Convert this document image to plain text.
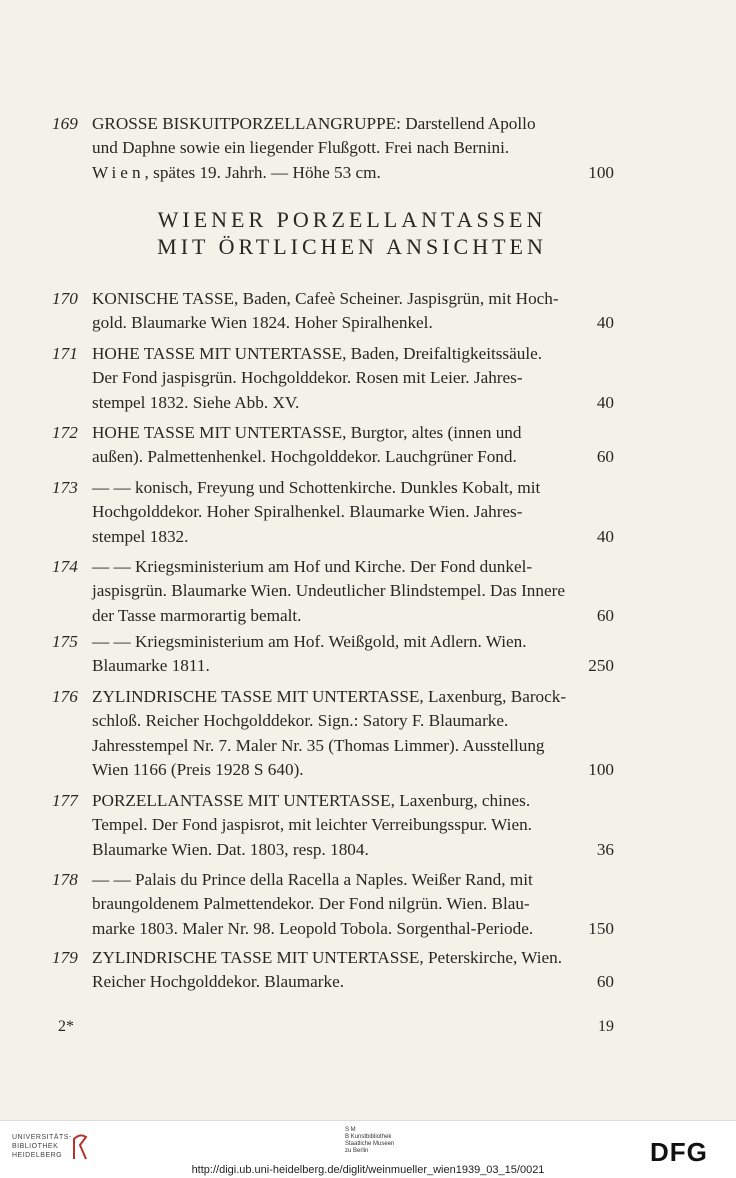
169 GROSSE BISKUITPORZELLANGRUPPE: Darstellend Apollo
und Daphne sowie ein liegender Flußgott. Frei nach Bernini.
Wien, spätes 19. Jahrh. — Höhe 53 cm.	100
WIENER PORZELLANTASSEN
MIT ÖRTLICHEN ANSICHTEN
170 KONISCHE TASSE, Baden, Cafeè Scheiner. Jaspisgrün, mit Hoch-
gold. Blaumarke Wien 1824. Hoher Spiralhenkel.	40
171 HOHE TASSE MIT UNTERTASSE, Baden, Dreifaltigkeitssäule.
Der Fond jaspisgrün. Hochgolddekor. Rosen mit Leier. Jahres-
stempel 1832. Siehe Abb. XV.	40
172 HOHE TASSE MIT UNTERTASSE, Burgtor, altes (innen und
außen). Palmettenhenkel. Hochgolddekor. Lauchgrüner Fond.	60
173 — — konisch, Freyung und Schottenkirche. Dunkles Kobalt, mit
Hochgolddekor. Hoher Spiralhenkel. Blaumarke Wien. Jahres-
stempel 1832.	40
174 — — Kriegsministerium am Hof und Kirche. Der Fond dunkel-
jaspisgrün. Blaumarke Wien. Undeutlicher Blindstempel. Das Innere
der Tasse marmorartig bemalt.	60
175 — — Kriegsministerium am Hof. Weißgold, mit Adlern. Wien.
Blaumarke 1811.	250
176 ZYLINDRISCHE TASSE MIT UNTERTASSE, Laxenburg, Barock-
schloß. Reicher Hochgolddekor. Sign.: Satory F. Blaumarke.
Jahresstempel Nr. 7. Maler Nr. 35 (Thomas Limmer). Ausstellung
Wien 1166 (Preis 1928 S 640).	100
177 PORZELLANTASSE MIT UNTERTASSE, Laxenburg, chines.
Tempel. Der Fond jaspisrot, mit leichter Verreibungsspur. Wien.
Blaumarke Wien. Dat. 1803, resp. 1804.	36
178 — — Palais du Prince della Racella a Naples. Weißer Rand, mit
braungoldenem Palmettendekor. Der Fond nilgrün. Wien. Blau-
marke 1803. Maler Nr. 98. Leopold Tobola. Sorgenthal-Periode.	150
179 ZYLINDRISCHE TASSE MIT UNTERTASSE, Peterskirche, Wien.
Reicher Hochgolddekor. Blaumarke.	60
2*	19
UNIVERSITÄTS-
BIBLIOTHEK
HEIDELBERG
S M
B Kunstbibliothek
Staatliche Museen
zu Berlin	DFG
http://digi.ub.uni-heidelberg.de/diglit/weinmueller_wien1939_03_15/0021
